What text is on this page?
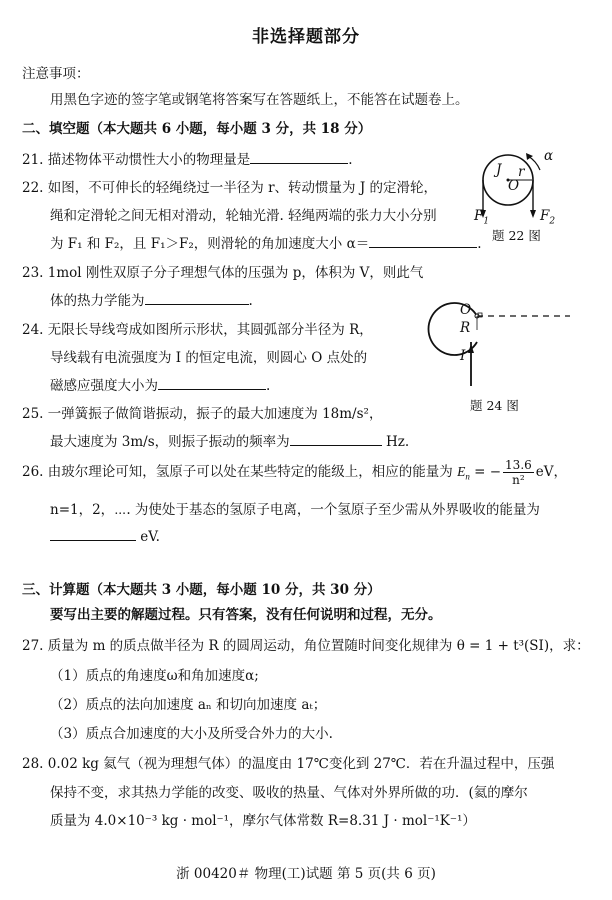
非选择题部分
注意事项：
用黑色字迹的签字笔或钢笔将答案写在答题纸上，不能答在试题卷上。
二、填空题（本大题共 6 小题，每小题 3 分，共 18 分）
21. 描述物体平动惯性大小的物理量是	.
22. 如图，不可伸长的轻绳绕过一半径为 r、转动惯量为 J 的定滑轮，
绳和定滑轮之间无相对滑动，轮轴光滑. 轻绳两端的张力大小分别
为 F₁ 和 F₂，且 F₁＞F₂，则滑轮的角加速度大小 α＝	.
J r
O
α
$F_1$	$F_2$
题 22 图
23. 1mol 刚性双原子分子理想气体的压强为 p，体积为 V，则此气
体的热力学能为	.
24. 无限长导线弯成如图所示形状，其圆弧部分半径为 R，
导线载有电流强度为 I 的恒定电流，则圆心 O 点处的
磁感应强度大小为	.
O
R
I
题 24 图
25. 一弹簧振子做简谐振动，振子的最大加速度为 18m/s²，
最大速度为 3m/s，则振子振动的频率为	Hz.
26. 由玻尔理论可知，氢原子可以处在某些特定的能级上，相应的能量为 $E_n$ = − $\frac{13.6}{\text{n²}}$ eV，
n=1，2，⋯. 为使处于基态的氢原子电离，一个氢原子至少需从外界吸收的能量为
eV.
三、计算题（本大题共 3 小题，每小题 10 分，共 30 分）
要写出主要的解题过程。只有答案，没有任何说明和过程，无分。
27. 质量为 m 的质点做半径为 R 的圆周运动，角位置随时间变化规律为 θ = 1 + t³(SI)，求：
（1）质点的角速度ω和角加速度α;
（2）质点的法向加速度 aₙ 和切向加速度 aₜ；
（3）质点合加速度的大小及所受合外力的大小.
28. 0.02 kg 氦气（视为理想气体）的温度由 17℃变化到 27℃．若在升温过程中，压强
保持不变，求其热力学能的改变、吸收的热量、气体对外界所做的功．(氦的摩尔
质量为 4.0×10⁻³ kg · mol⁻¹，摩尔气体常数 R=8.31 J · mol⁻¹K⁻¹）
浙 00420＃ 物理(工)试题 第 5 页(共 6 页)
